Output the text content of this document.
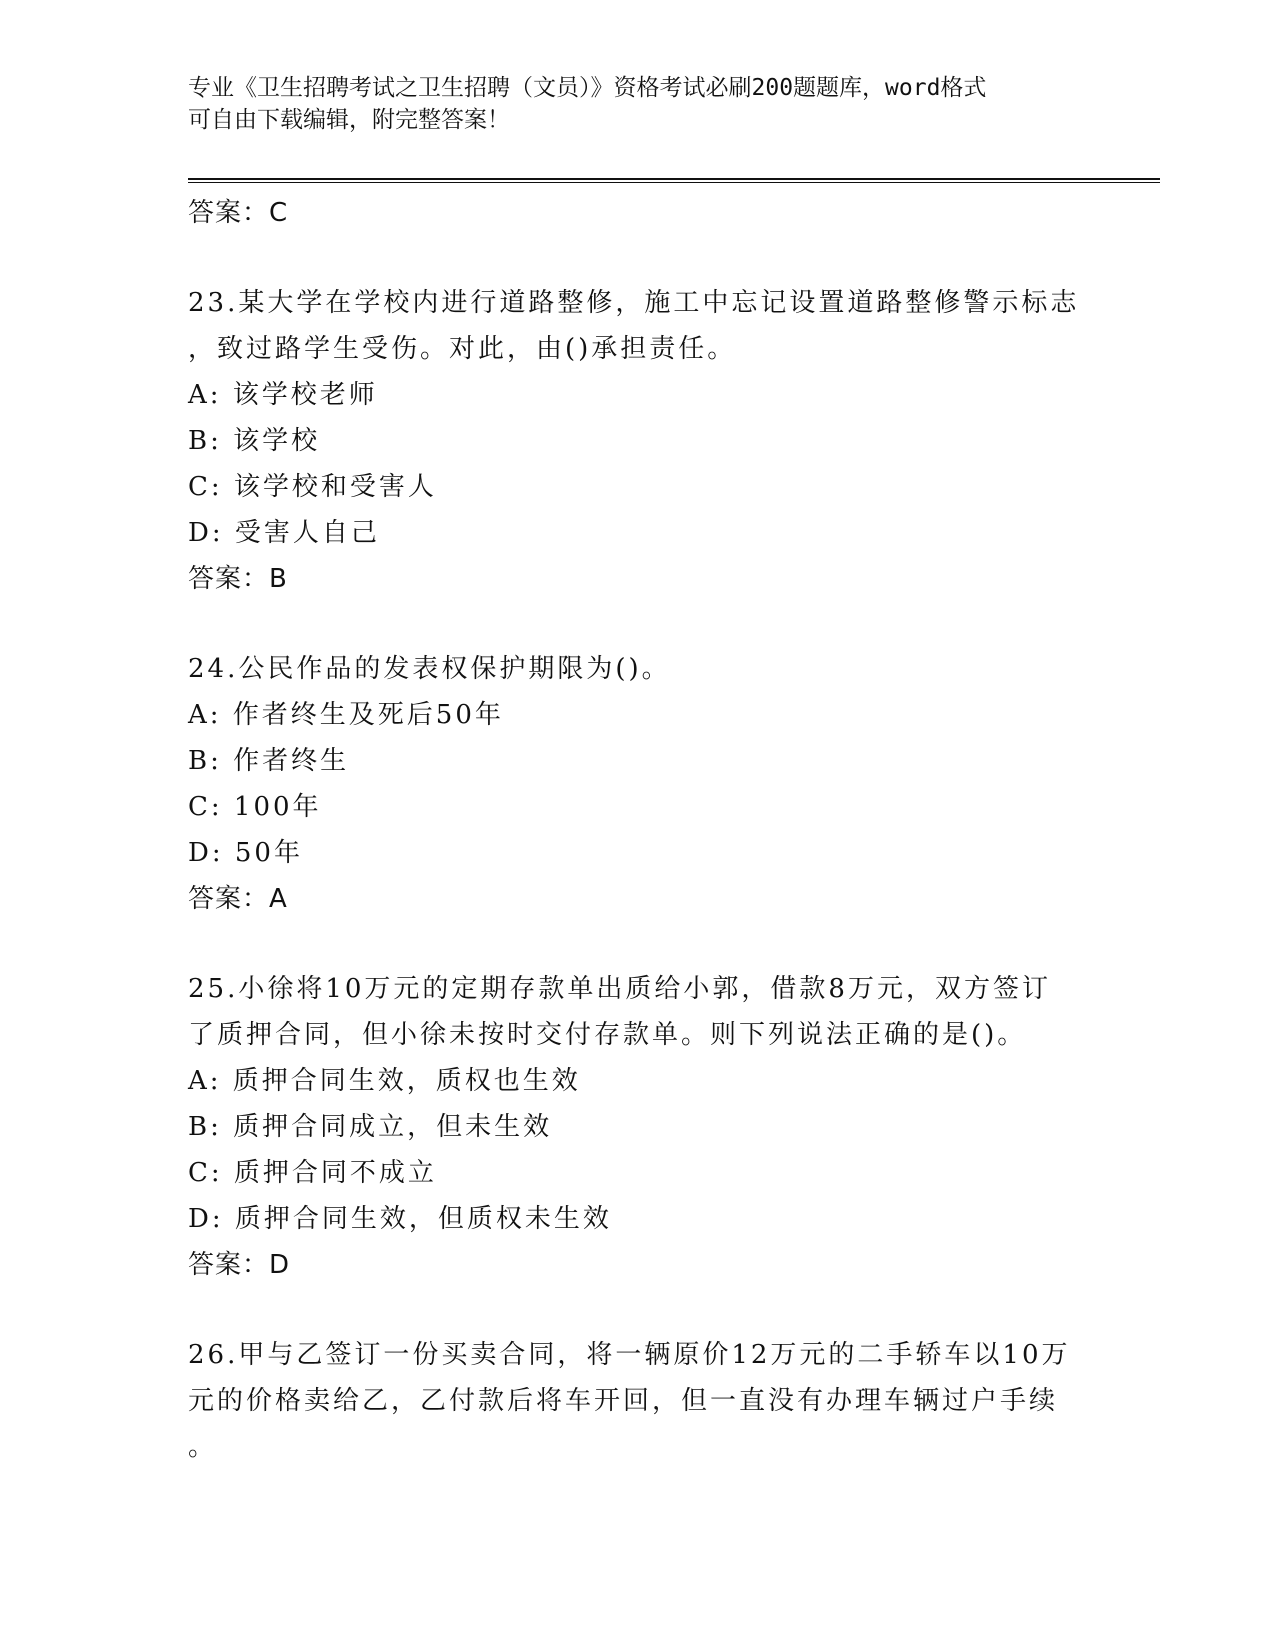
专业《卫生招聘考试之卫生招聘（文员）》资格考试必刷200题题库，word格式
可自由下载编辑，附完整答案！
答案：C
23.某大学在学校内进行道路整修，施工中忘记设置道路整修警示标志
，致过路学生受伤。对此，由()承担责任。
A: 该学校老师
B: 该学校
C: 该学校和受害人
D: 受害人自己
答案：B
24.公民作品的发表权保护期限为()。
A: 作者终生及死后50年
B: 作者终生
C: 100年
D: 50年
答案：A
25.小徐将10万元的定期存款单出质给小郭，借款8万元，双方签订
了质押合同，但小徐未按时交付存款单。则下列说法正确的是()。
A: 质押合同生效，质权也生效
B: 质押合同成立，但未生效
C: 质押合同不成立
D: 质押合同生效，但质权未生效
答案：D
26.甲与乙签订一份买卖合同，将一辆原价12万元的二手轿车以10万
元的价格卖给乙，乙付款后将车开回，但一直没有办理车辆过户手续
。
